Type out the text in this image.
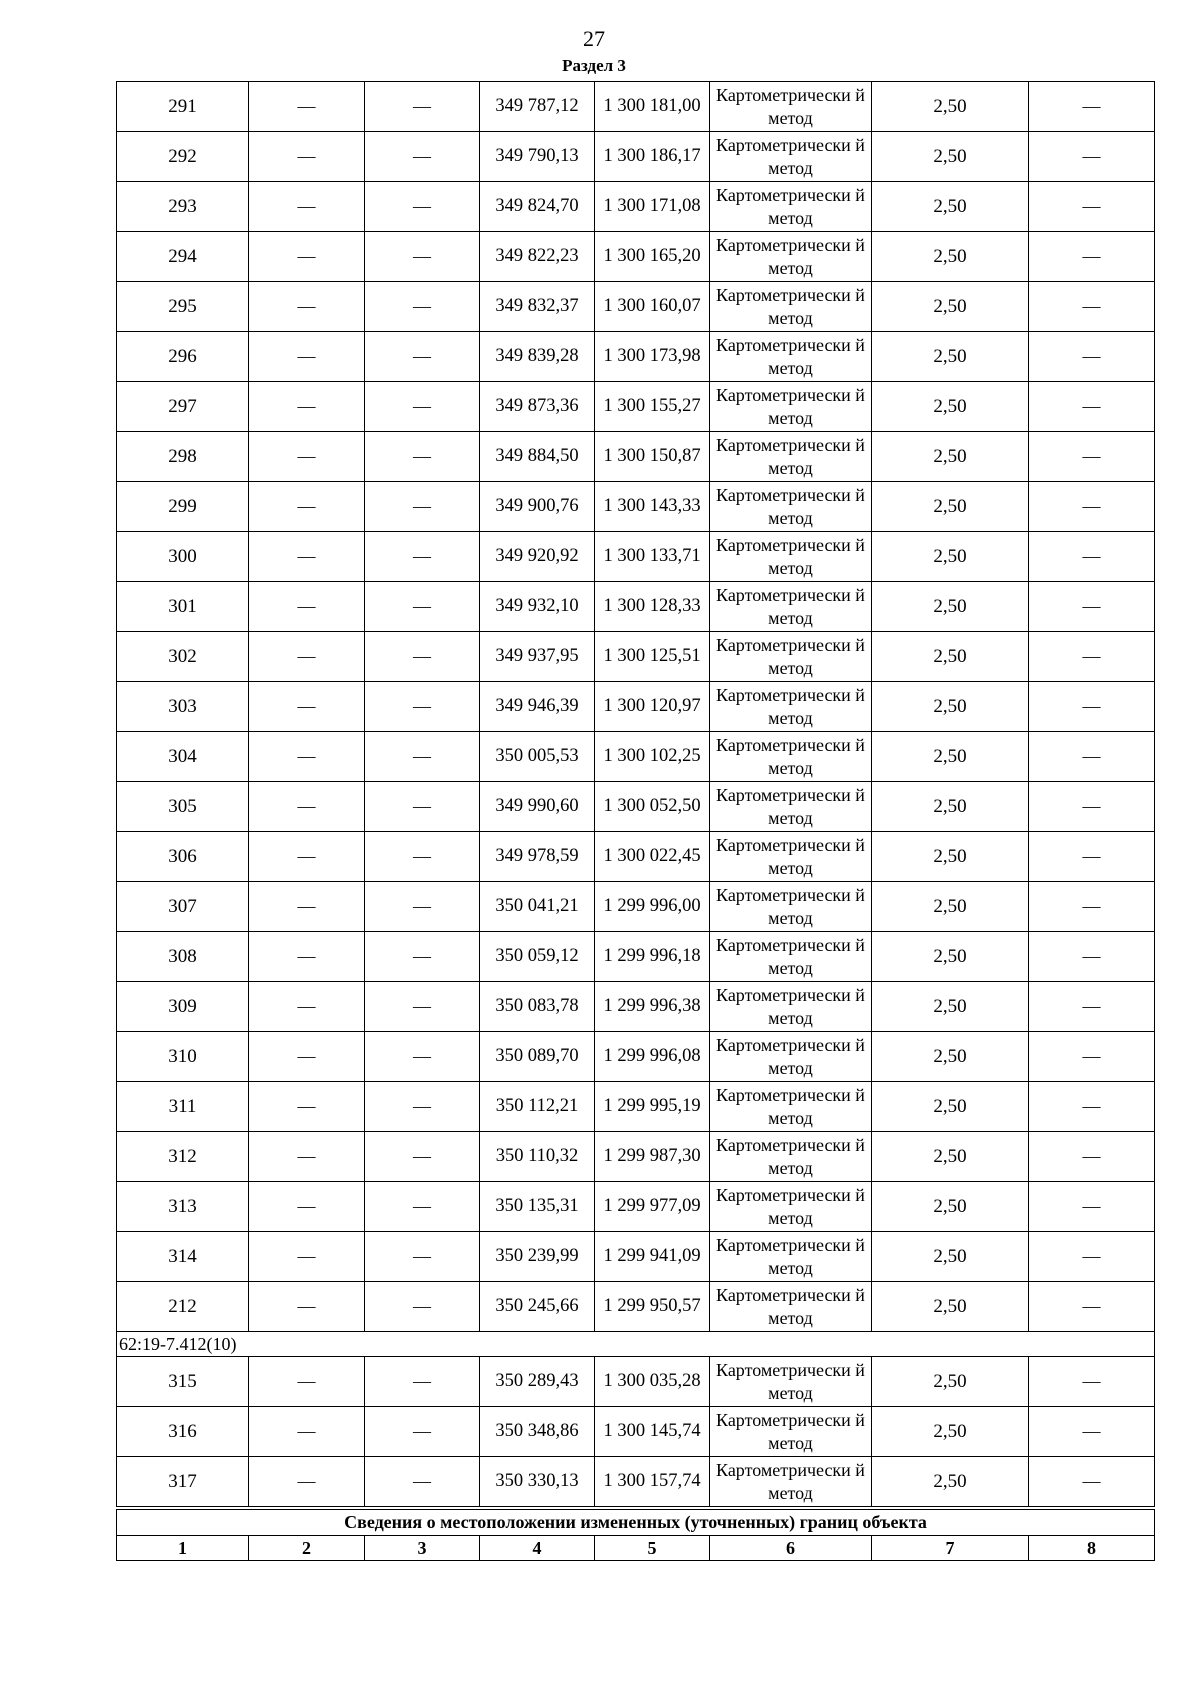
27
Раздел 3
291	—	—	349 787,12	1 300 181,00	Картометрически й метод	2,50	—
292	—	—	349 790,13	1 300 186,17	Картометрически й метод	2,50	—
293	—	—	349 824,70	1 300 171,08	Картометрически й метод	2,50	—
294	—	—	349 822,23	1 300 165,20	Картометрически й метод	2,50	—
295	—	—	349 832,37	1 300 160,07	Картометрически й метод	2,50	—
296	—	—	349 839,28	1 300 173,98	Картометрически й метод	2,50	—
297	—	—	349 873,36	1 300 155,27	Картометрически й метод	2,50	—
298	—	—	349 884,50	1 300 150,87	Картометрически й метод	2,50	—
299	—	—	349 900,76	1 300 143,33	Картометрически й метод	2,50	—
300	—	—	349 920,92	1 300 133,71	Картометрически й метод	2,50	—
301	—	—	349 932,10	1 300 128,33	Картометрически й метод	2,50	—
302	—	—	349 937,95	1 300 125,51	Картометрически й метод	2,50	—
303	—	—	349 946,39	1 300 120,97	Картометрически й метод	2,50	—
304	—	—	350 005,53	1 300 102,25	Картометрически й метод	2,50	—
305	—	—	349 990,60	1 300 052,50	Картометрически й метод	2,50	—
306	—	—	349 978,59	1 300 022,45	Картометрически й метод	2,50	—
307	—	—	350 041,21	1 299 996,00	Картометрически й метод	2,50	—
308	—	—	350 059,12	1 299 996,18	Картометрически й метод	2,50	—
309	—	—	350 083,78	1 299 996,38	Картометрически й метод	2,50	—
310	—	—	350 089,70	1 299 996,08	Картометрически й метод	2,50	—
311	—	—	350 112,21	1 299 995,19	Картометрически й метод	2,50	—
312	—	—	350 110,32	1 299 987,30	Картометрически й метод	2,50	—
313	—	—	350 135,31	1 299 977,09	Картометрически й метод	2,50	—
314	—	—	350 239,99	1 299 941,09	Картометрически й метод	2,50	—
212	—	—	350 245,66	1 299 950,57	Картометрически й метод	2,50	—
62:19-7.412(10)							
315	—	—	350 289,43	1 300 035,28	Картометрически й метод	2,50	—
316	—	—	350 348,86	1 300 145,74	Картометрически й метод	2,50	—
317	—	—	350 330,13	1 300 157,74	Картометрически й метод	2,50	—
Сведения о местоположении измененных (уточненных) границ объекта							
1	2	3	4	5	6	7	8
